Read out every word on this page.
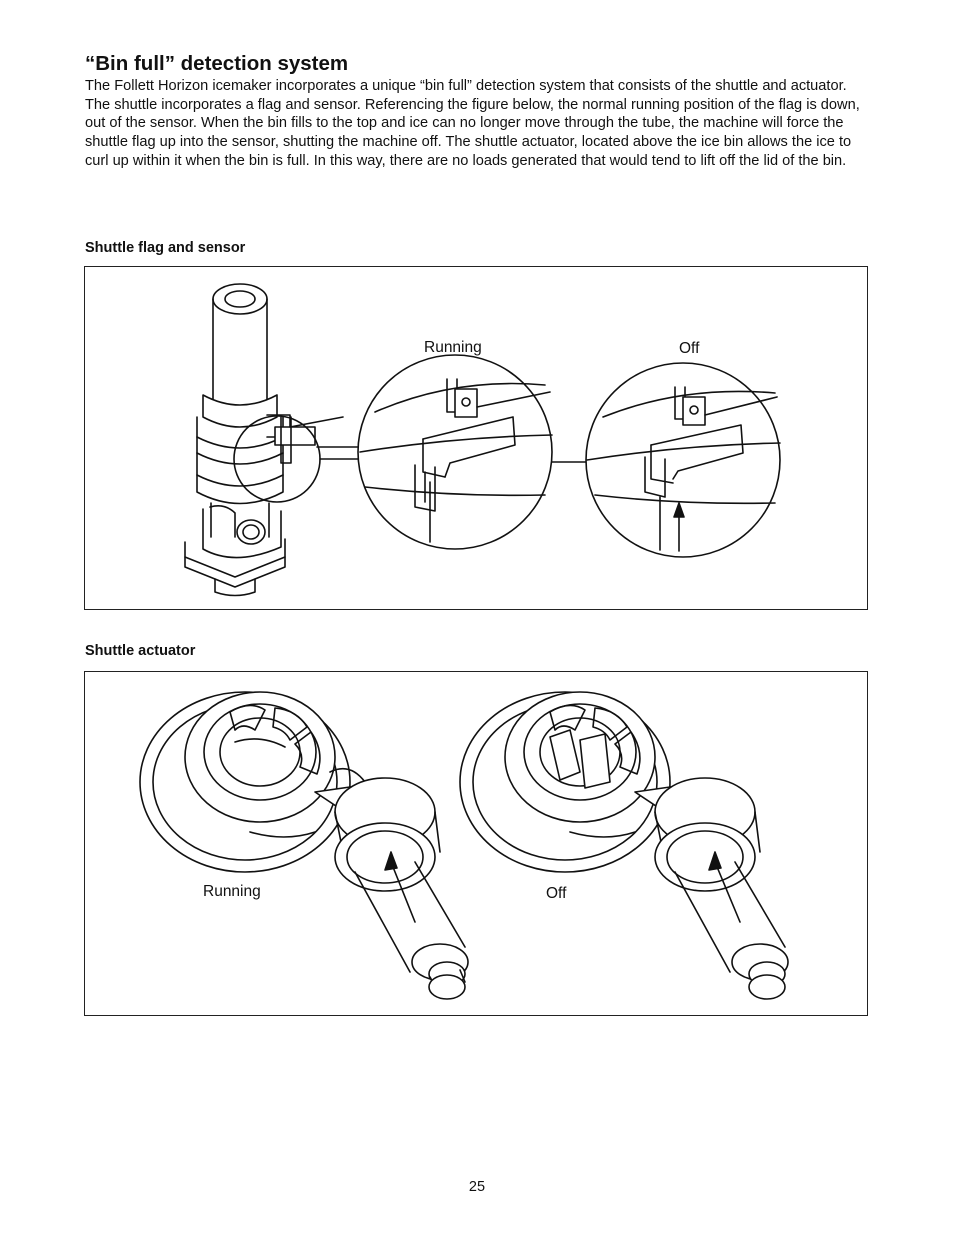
“Bin full” detection system

The Follett Horizon icemaker incorporates a unique “bin full” detection system that consists of the shuttle and actuator. The shuttle incorporates a flag and sensor. Referencing the figure below, the normal running position of the flag is down, out of the sensor. When the bin fills to the top and ice can no longer move through the tube, the machine will force the shuttle flag up into the sensor, shutting the machine off. The shuttle actuator, located above the ice bin allows the ice to curl up within it when the bin is full. In this way, there are no loads generated that would tend to lift off the lid of the bin.

Shuttle flag and sensor

Running	Off

Shuttle actuator

Running	Off
25
